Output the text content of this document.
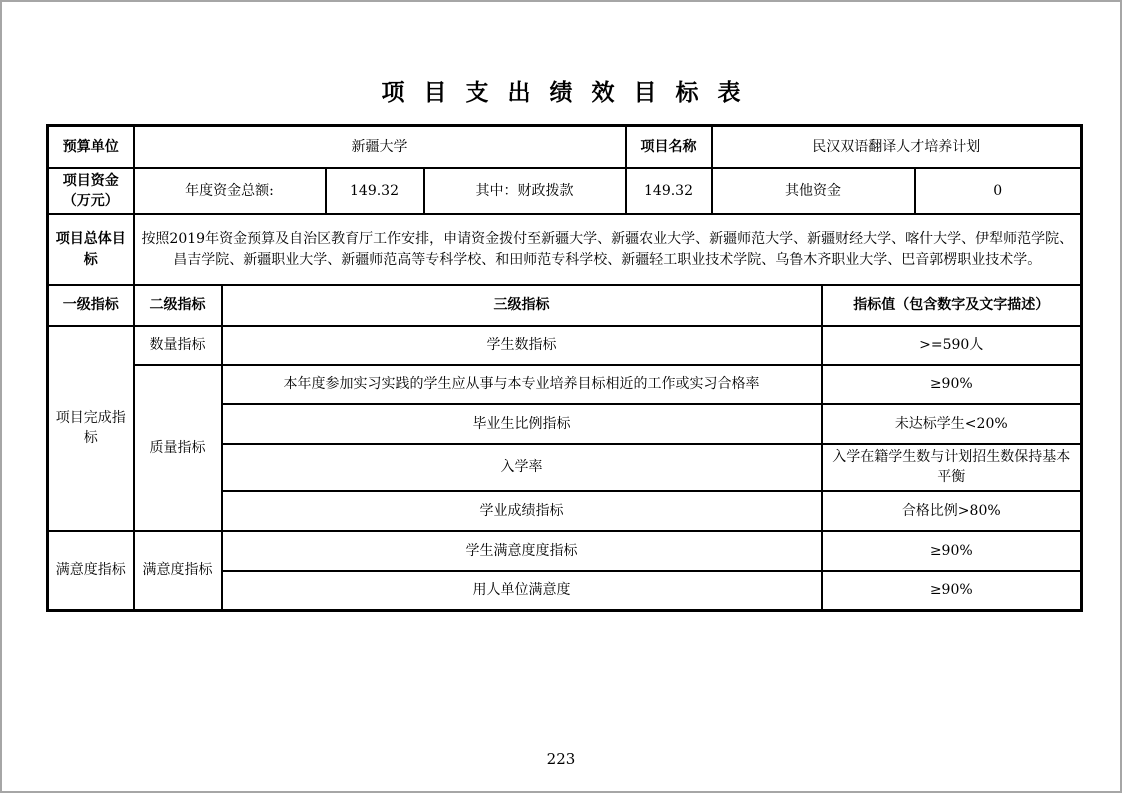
项目支出绩效目标表
预算单位	新疆大学				项目名称	民汉双语翻译人才培养计划		
项目资金（万元）	年度资金总额:		149.32	其中：财政拨款	149.32	其他资金		0
项目总体目标	按照2019年资金预算及自治区教育厅工作安排，申请资金拨付至新疆大学、新疆农业大学、新疆师范大学、新疆财经大学、喀什大学、伊犁师范学院、昌吉学院、新疆职业大学、新疆师范高等专科学校、和田师范专科学校、新疆轻工职业技术学院、乌鲁木齐职业大学、巴音郭楞职业技术学。							
一级指标	二级指标	三级指标					指标值（包含数字及文字描述）	
项目完成指标	数量指标	学生数指标					>=590人	
	质量指标	本年度参加实习实践的学生应从事与本专业培养目标相近的工作或实习合格率					≥90%	
		毕业生比例指标					未达标学生<20%	
		入学率					入学在籍学生数与计划招生数保持基本平衡	
		学业成绩指标					合格比例>80%	
满意度指标	满意度指标	学生满意度度指标					≥90%	
		用人单位满意度					≥90%	
223
